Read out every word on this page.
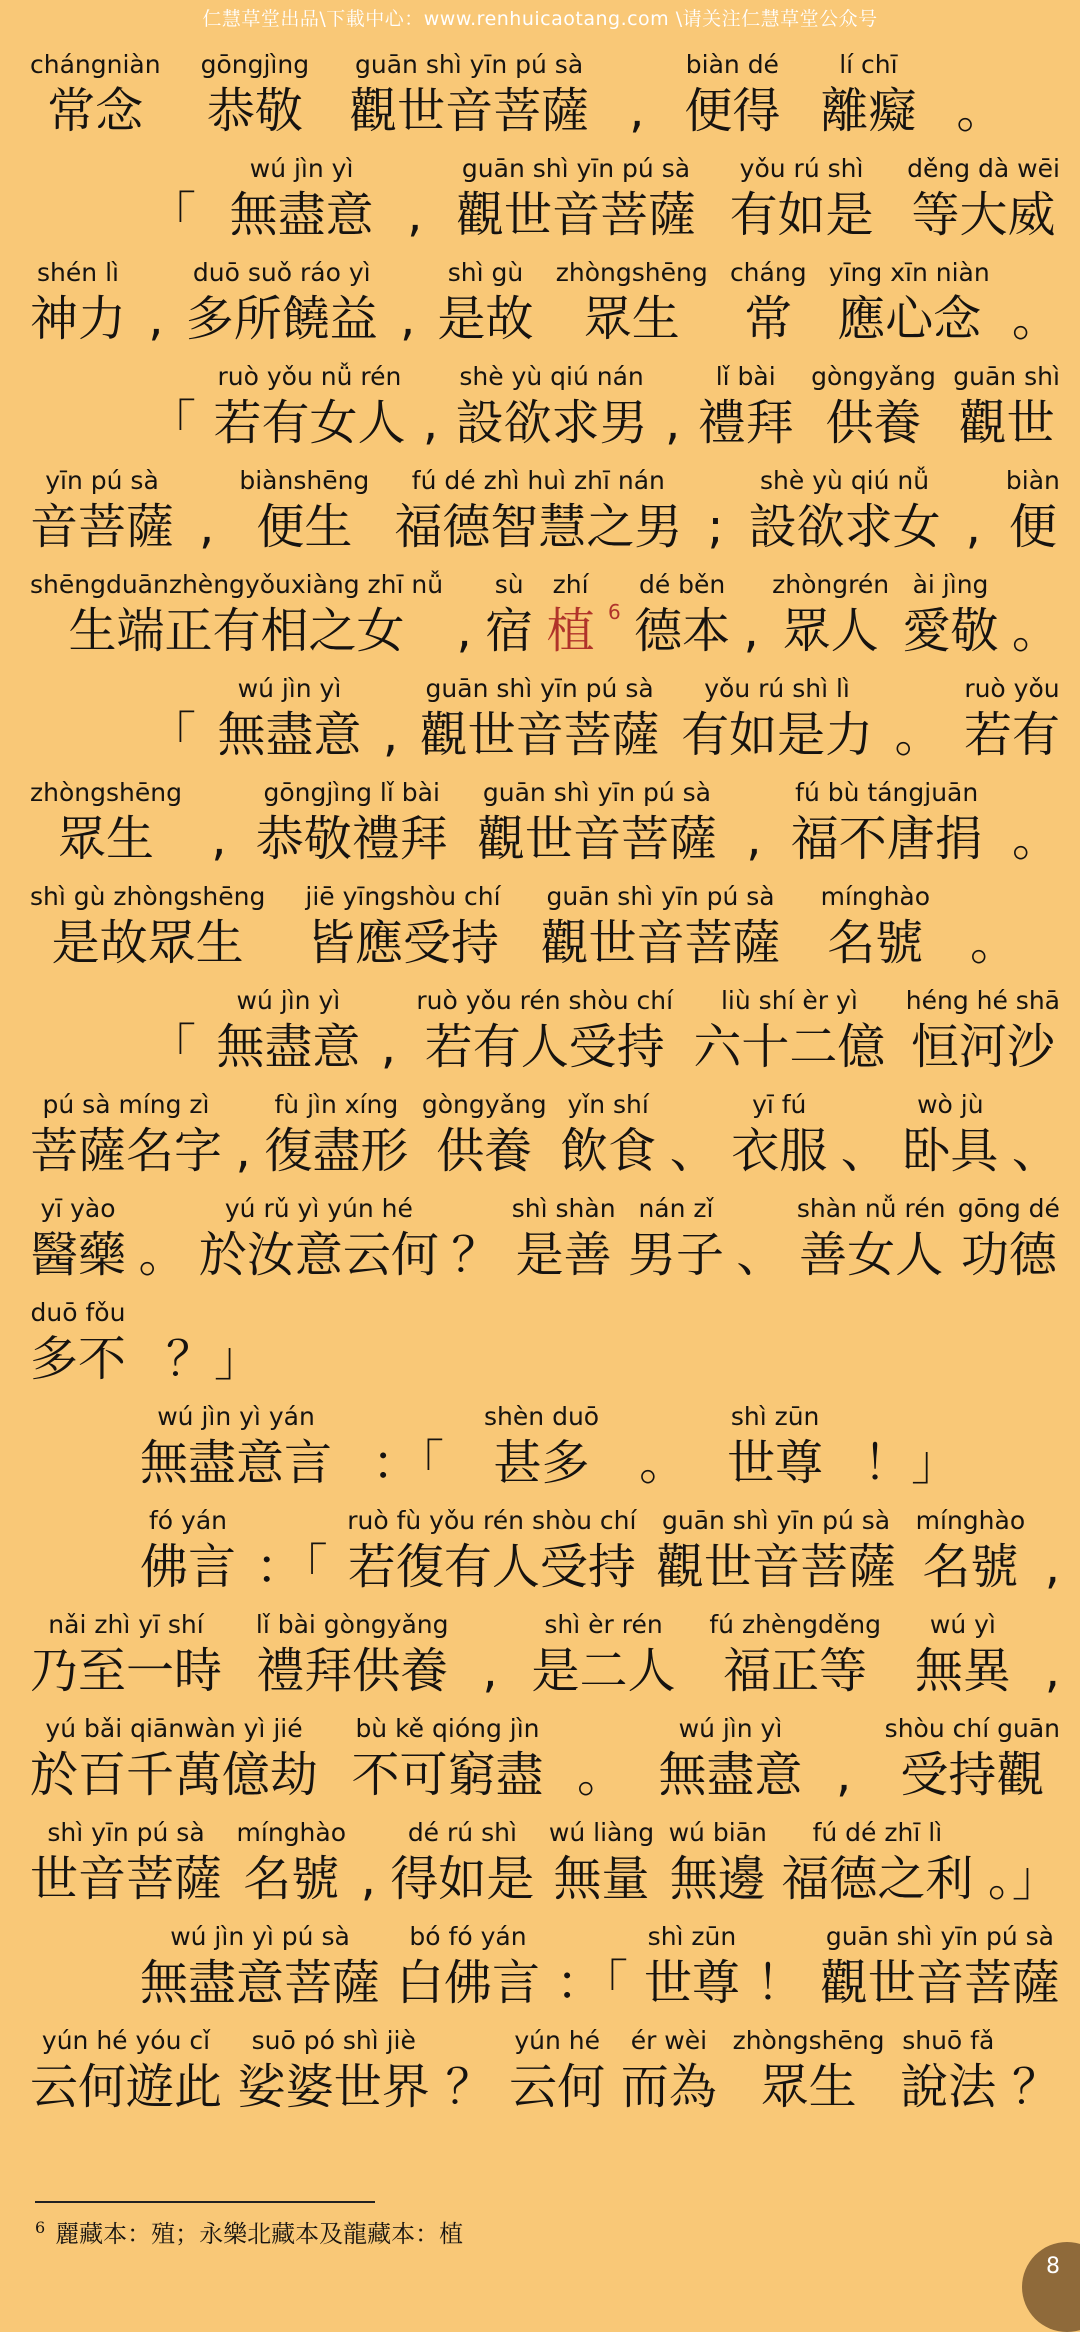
仁慧草堂出品\下載中心：www.renhuicaotang.com \请关注仁慧草堂公众号
chángniàn
常念
gōngjìng
恭敬
guān shì yīn pú sà
觀世音菩薩 ,
biàn dé
便得
lí chī
離癡 。
「
wú jìn yì
無盡意 ,
guān shì yīn pú sà
觀世音菩薩
yǒu rú shì
有如是
děng dà wēi
等大威
shén lì
神力 ,
duō suǒ ráo yì
多所饒益 ,
shì gù
是故
zhòngshēng
眾生
cháng
常
yīng xīn niàn
應心念 。
「
ruò yǒu nǚ rén
若有女人 ,
shè yù qiú nán
設欲求男 ,
lǐ bài
禮拜
gòngyǎng
供養
guān shì
觀世
yīn pú sà
音菩薩 ,
biànshēng
便生
fú dé zhì huì zhī nán
福德智慧之男 ;
shè yù qiú nǚ
設欲求女 ,
biàn
便
shēngduānzhèngyǒuxiàng zhī nǚ
生端正有相之女 ,
sù
宿
zhí
植 6
dé běn
德本 ,
zhòngrén
眾人
ài jìng
愛敬 。
「
wú jìn yì
無盡意 ,
guān shì yīn pú sà
觀世音菩薩
yǒu rú shì lì
有如是力 。
ruò yǒu
若有
zhòngshēng
眾生 ,
gōngjìng lǐ bài
恭敬禮拜
guān shì yīn pú sà
觀世音菩薩 ,
fú bù tángjuān
福不唐捐 。
shì gù zhòngshēng
是故眾生
jiē yīngshòu chí
皆應受持
guān shì yīn pú sà
觀世音菩薩
mínghào
名號 。
「
wú jìn yì
無盡意 ,
ruò yǒu rén shòu chí
若有人受持
liù shí èr yì
六十二億
héng hé shā
恒河沙
pú sà míng zì
菩薩名字 ,
fù jìn xíng
復盡形
gòngyǎng
供養
yǐn shí
飲食 、
yī fú
衣服 、
wò jù
卧具 、
yī yào
醫藥 。
yú rǔ yì yún hé
於汝意云何 ？
shì shàn
是善
nán zǐ
男子 、
shàn nǚ rén
善女人
gōng dé
功德
duō fǒu
多不 ？」
wú jìn yì yán
無盡意言 ：「
shèn duō
甚多 。
shì zūn
世尊 ！」
fó yán
佛言 ：「
ruò fù yǒu rén shòu chí
若復有人受持
guān shì yīn pú sà
觀世音菩薩
mínghào
名號 ,
nǎi zhì yī shí
乃至一時
lǐ bài gòngyǎng
禮拜供養 ,
shì èr rén
是二人
fú zhèngděng
福正等
wú yì
無異 ,
yú bǎi qiānwàn yì jié
於百千萬億劫
bù kě qióng jìn
不可窮盡 。
wú jìn yì
無盡意 ,
shòu chí guān
受持觀
shì yīn pú sà
世音菩薩
mínghào
名號 ,
dé rú shì
得如是
wú liàng
無量
wú biān
無邊
fú dé zhī lì
福德之利 。」
wú jìn yì pú sà
無盡意菩薩
bó fó yán
白佛言 ：「
shì zūn
世尊 ！
guān shì yīn pú sà
觀世音菩薩
yún hé yóu cǐ
云何遊此
suō pó shì jiè
娑婆世界 ？
yún hé
云何
ér wèi
而為
zhòngshēng
眾生
shuō fǎ
說法 ？
$^6$ 麗藏本：殖；永樂北藏本及龍藏本：植
8
